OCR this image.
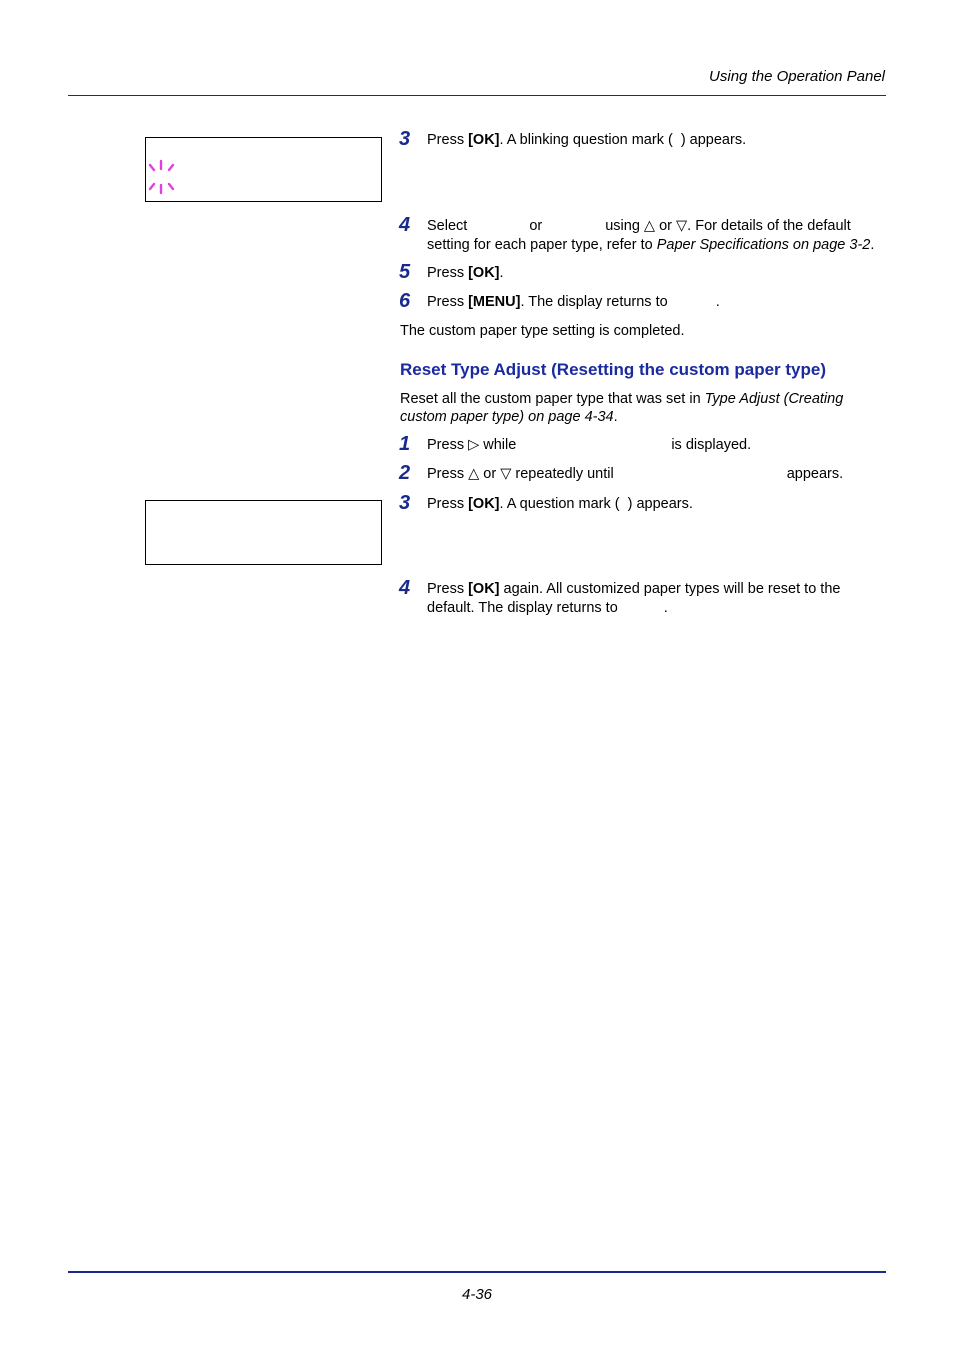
Using the Operation Panel
3	Press [OK]. A blinking question mark ( ) appears.
4	Select	or	using △ or ▽. For details of the default setting for each paper type, refer to Paper Specifications on page 3-2.
5	Press [OK].
6	Press [MENU]. The display returns to	.
The custom paper type setting is completed.
Reset Type Adjust (Resetting the custom paper type)
Reset all the custom paper type that was set in Type Adjust (Creating custom paper type) on page 4-34.
1	Press ▷ while	is displayed.
2	Press △ or ▽ repeatedly until	appears.
3	Press [OK]. A question mark ( ) appears.
4	Press [OK] again. All customized paper types will be reset to the default. The display returns to	.
4-36
